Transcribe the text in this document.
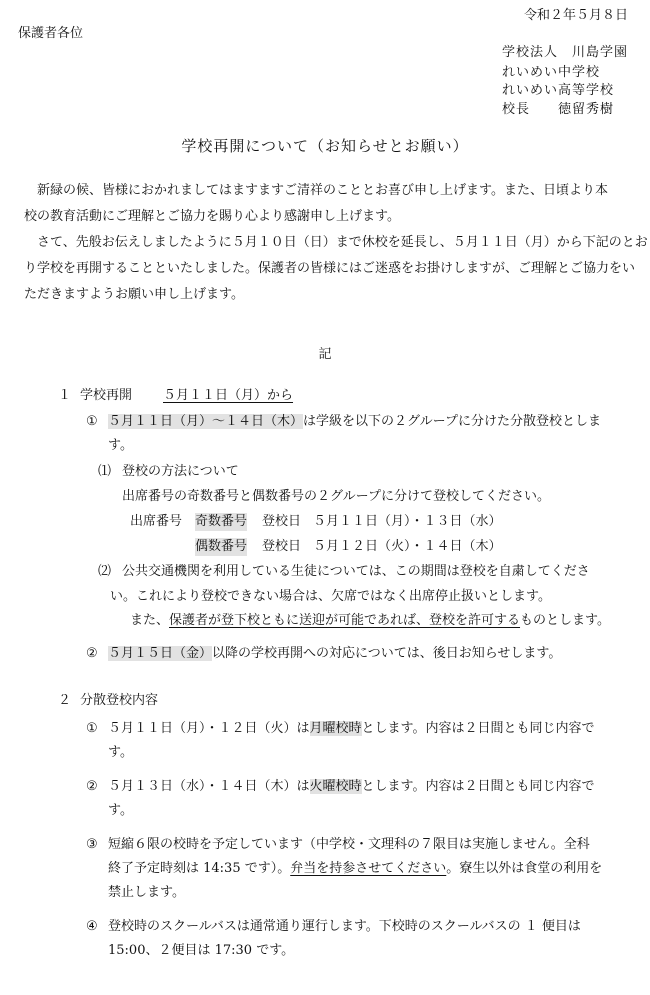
令和２年５月８日
保護者各位
学校法人　川島学園
れいめい中学校
れいめい高等学校
校長　　徳留秀樹
学校再開について（お知らせとお願い）
新緑の候、皆様におかれましてはますますご清祥のこととお喜び申し上げます。また、日頃より本
校の教育活動にご理解とご協力を賜り心より感謝申し上げます。
さて、先般お伝えしましたように５月１０日（日）まで休校を延長し、５月１１日（月）から下記のとお
り学校を再開することといたしました。保護者の皆様にはご迷惑をお掛けしますが、ご理解とご協力をい
ただきますようお願い申し上げます。
記
１ 学校再開 ５月１１日（月）から
① ５月１１日（月）～１４日（木）は学級を以下の２グループに分けた分散登校としま
す。
⑴ 登校の方法について
出席番号の奇数番号と偶数番号の２グループに分けて登校してください。
出席番号 奇数番号 登校日 ５月１１日（月）・１３日（水）
偶数番号 登校日 ５月１２日（火）・１４日（木）
⑵ 公共交通機関を利用している生徒については、この期間は登校を自粛してくださ
い。これにより登校できない場合は、欠席ではなく出席停止扱いとします。
また、保護者が登下校ともに送迎が可能であれば、登校を許可するものとします。
② ５月１５日（金）以降の学校再開への対応については、後日お知らせします。
２ 分散登校内容
① ５月１１日（月）・１２日（火）は月曜校時とします。内容は２日間とも同じ内容で
す。
② ５月１３日（水）・１４日（木）は火曜校時とします。内容は２日間とも同じ内容で
す。
③ 短縮６限の校時を予定しています（中学校・文理科の７限目は実施しません。全科
終了予定時刻は 14:35 です）。弁当を持参させてください。寮生以外は食堂の利用を
禁止します。
④ 登校時のスクールバスは通常通り運行します。下校時のスクールバスの １ 便目は
15:00、２便目は 17:30 です。
